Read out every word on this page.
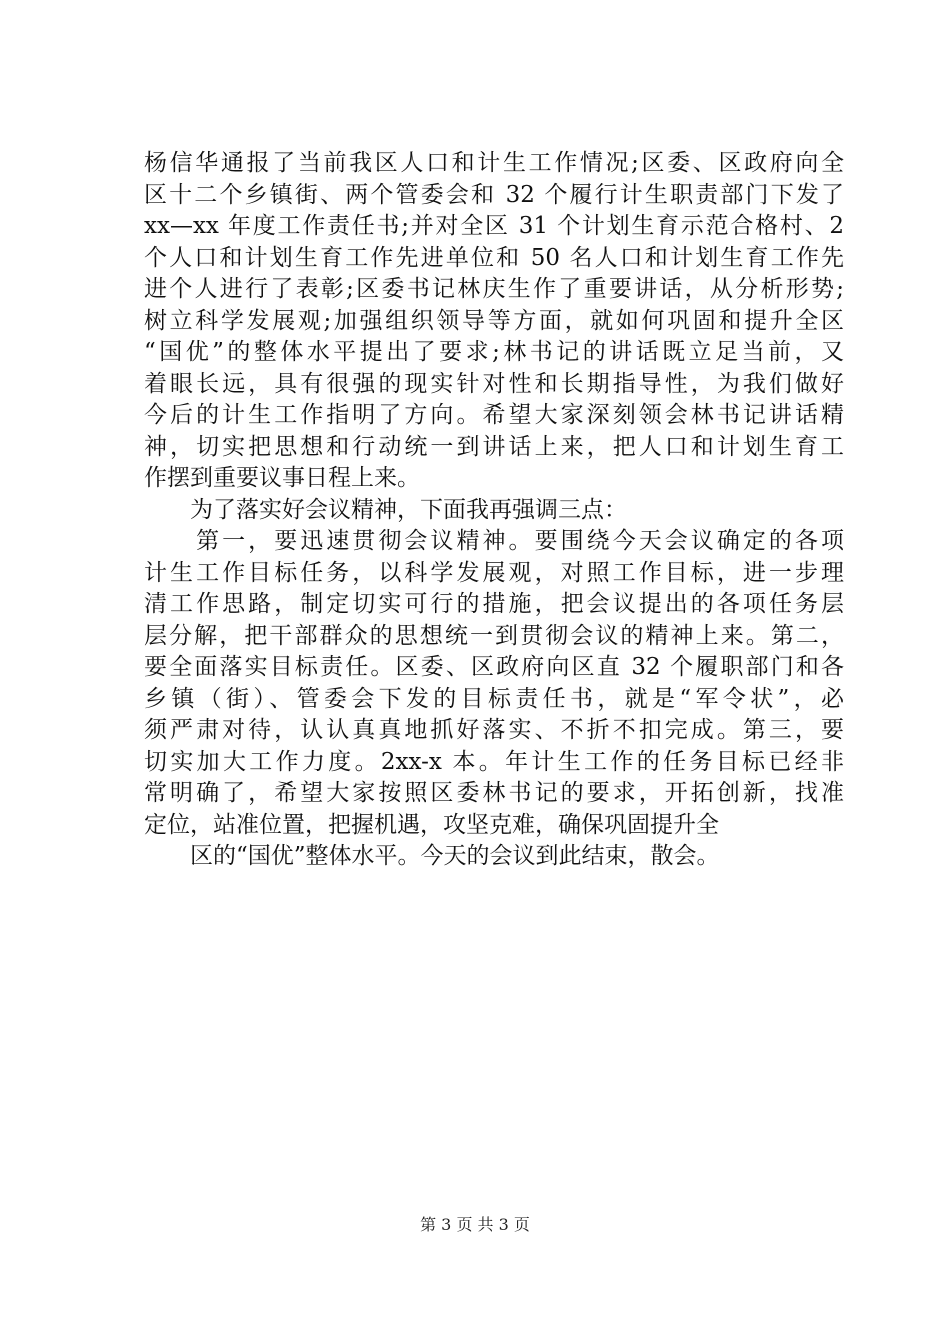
杨信华通报了当前我区人口和计生工作情况;区委、区政府向全
区十二个乡镇街、两个管委会和 32 个履行计生职责部门下发了
xx—xx 年度工作责任书;并对全区 31 个计划生育示范合格村、2
个人口和计划生育工作先进单位和 50 名人口和计划生育工作先
进个人进行了表彰;区委书记林庆生作了重要讲话，从分析形势;
树立科学发展观;加强组织领导等方面，就如何巩固和提升全区
“国优”的整体水平提出了要求;林书记的讲话既立足当前，又
着眼长远，具有很强的现实针对性和长期指导性，为我们做好
今后的计生工作指明了方向。希望大家深刻领会林书记讲话精
神，切实把思想和行动统一到讲话上来，把人口和计划生育工
作摆到重要议事日程上来。
　　为了落实好会议精神，下面我再强调三点：
　　第一，要迅速贯彻会议精神。要围绕今天会议确定的各项
计生工作目标任务，以科学发展观，对照工作目标，进一步理
清工作思路，制定切实可行的措施，把会议提出的各项任务层
层分解，把干部群众的思想统一到贯彻会议的精神上来。第二，
要全面落实目标责任。区委、区政府向区直 32 个履职部门和各
乡镇（街）、管委会下发的目标责任书，就是“军令状”，必
须严肃对待，认认真真地抓好落实、不折不扣完成。第三，要
切实加大工作力度。2xx-x 本。年计生工作的任务目标已经非
常明确了，希望大家按照区委林书记的要求，开拓创新，找准
定位，站准位置，把握机遇，攻坚克难，确保巩固提升全
　　区的“国优”整体水平。今天的会议到此结束，散会。
第 3 页 共 3 页
